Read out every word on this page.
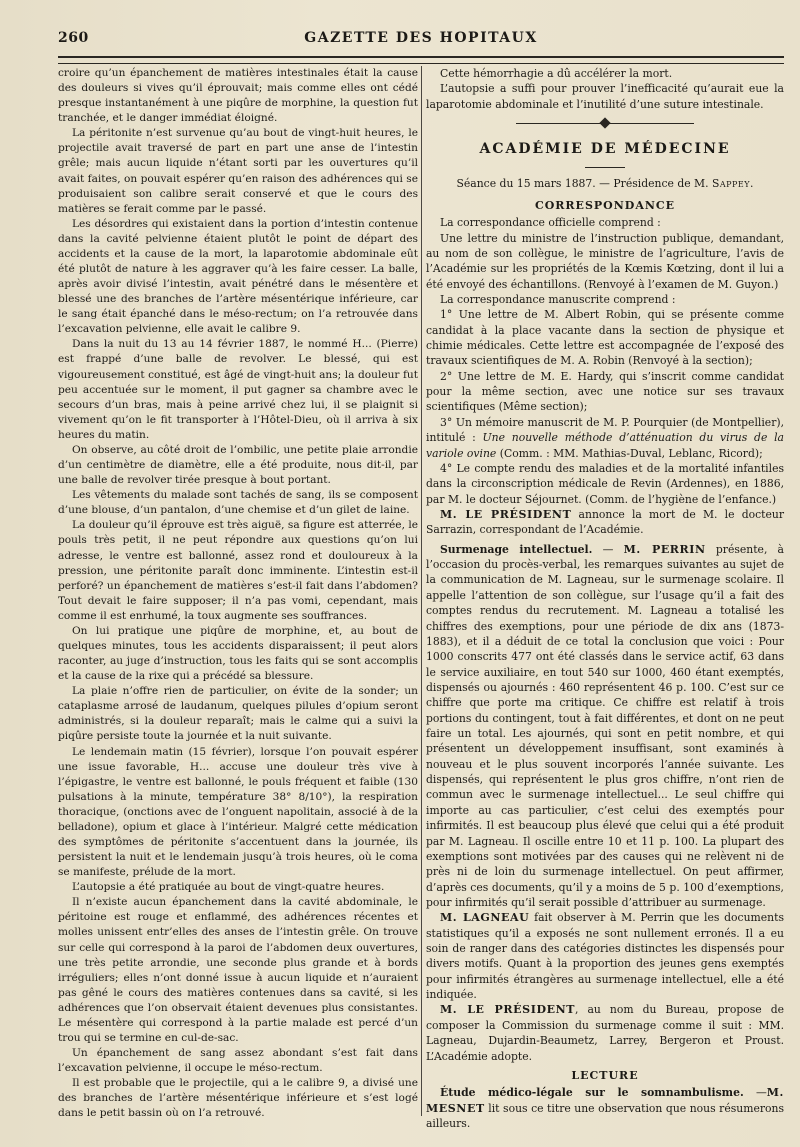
260	GAZETTE DES HOPITAUX

croire qu’un épanchement de matières intestinales était la cause des douleurs si vives qu’il éprouvait; mais comme elles ont cédé presque instantanément à une piqûre de morphine, la question fut tranchée, et le danger immédiat éloigné.

La péritonite n’est survenue qu’au bout de vingt-huit heures, le projectile avait traversé de part en part une anse de l’intestin grêle; mais aucun liquide n’étant sorti par les ouvertures qu’il avait faites, on pouvait espérer qu’en raison des adhérences qui se produisaient son calibre serait conservé et que le cours des matières se ferait comme par le passé.

Les désordres qui existaient dans la portion d’intestin contenue dans la cavité pelvienne étaient plutôt le point de départ des accidents et la cause de la mort, la laparotomie abdominale eût été plutôt de nature à les aggraver qu’à les faire cesser. La balle, après avoir divisé l’intestin, avait pénétré dans le mésentère et blessé une des branches de l’artère mésentérique inférieure, car le sang était épanché dans le méso-rectum; on l’a retrouvée dans l’excavation pelvienne, elle avait le calibre 9.

Dans la nuit du 13 au 14 février 1887, le nommé H... (Pierre) est frappé d’une balle de revolver. Le blessé, qui est vigoureusement constitué, est âgé de vingt-huit ans; la douleur fut peu accentuée sur le moment, il put gagner sa chambre avec le secours d’un bras, mais à peine arrivé chez lui, il se plaignit si vivement qu’on le fit transporter à l’Hôtel-Dieu, où il arriva à six heures du matin.

On observe, au côté droit de l’ombilic, une petite plaie arrondie d’un centimètre de diamètre, elle a été produite, nous dit-il, par une balle de revolver tirée presque à bout portant.

Les vêtements du malade sont tachés de sang, ils se composent d’une blouse, d’un pantalon, d’une chemise et d’un gilet de laine.

La douleur qu’il éprouve est très aiguë, sa figure est atterrée, le pouls très petit, il ne peut répondre aux questions qu’on lui adresse, le ventre est ballonné, assez rond et douloureux à la pression, une péritonite paraît donc imminente. L’intestin est-il perforé? un épanchement de matières s’est-il fait dans l’abdomen? Tout devait le faire supposer; il n’a pas vomi, cependant, mais comme il est enrhumé, la toux augmente ses souffrances.

On lui pratique une piqûre de morphine, et, au bout de quelques minutes, tous les accidents disparaissent; il peut alors raconter, au juge d’instruction, tous les faits qui se sont accomplis et la cause de la rixe qui a précédé sa blessure.

La plaie n’offre rien de particulier, on évite de la sonder; un cataplasme arrosé de laudanum, quelques pilules d’opium seront administrés, si la douleur reparaît; mais le calme qui a suivi la piqûre persiste toute la journée et la nuit suivante.

Le lendemain matin (15 février), lorsque l’on pouvait espérer une issue favorable, H... accuse une douleur très vive à l’épigastre, le ventre est ballonné, le pouls fréquent et faible (130 pulsations à la minute, température 38° 8/10°), la respiration thoracique, (onctions avec de l’onguent napolitain, associé à de la belladone), opium et glace à l’intérieur. Malgré cette médication des symptômes de péritonite s’accentuent dans la journée, ils persistent la nuit et le lendemain jusqu’à trois heures, où le coma se manifeste, prélude de la mort.

L’autopsie a été pratiquée au bout de vingt-quatre heures.

Il n’existe aucun épanchement dans la cavité abdominale, le péritoine est rouge et enflammé, des adhérences récentes et molles unissent entr’elles des anses de l’intestin grêle. On trouve sur celle qui correspond à la paroi de l’abdomen deux ouvertures, une très petite arrondie, une seconde plus grande et à bords irréguliers; elles n’ont donné issue à aucun liquide et n’auraient pas gêné le cours des matières contenues dans sa cavité, si les adhérences que l’on observait étaient devenues plus consistantes. Le mésentère qui correspond à la partie malade est percé d’un trou qui se termine en cul-de-sac.

Un épanchement de sang assez abondant s’est fait dans l’excavation pelvienne, il occupe le méso-rectum.

Il est probable que le projectile, qui a le calibre 9, a divisé une des branches de l’artère mésentérique inférieure et s’est logé dans le petit bassin où on l’a retrouvé.

Cette hémorrhagie a dû accélérer la mort.

L’autopsie a suffi pour prouver l’inefficacité qu’aurait eue la laparotomie abdominale et l’inutilité d’une suture intestinale.

ACADÉMIE DE MÉDECINE

Séance du 15 mars 1887. — Présidence de M. Sappey.

CORRESPONDANCE

La correspondance officielle comprend :

Une lettre du ministre de l’instruction publique, demandant, au nom de son collègue, le ministre de l’agriculture, l’avis de l’Académie sur les propriétés de la Kœmis Kœtzing, dont il lui a été envoyé des échantillons. (Renvoyé à l’examen de M. Guyon.)

La correspondance manuscrite comprend :

1° Une lettre de M. Albert Robin, qui se présente comme candidat à la place vacante dans la section de physique et chimie médicales. Cette lettre est accompagnée de l’exposé des travaux scientifiques de M. A. Robin (Renvoyé à la section);

2° Une lettre de M. E. Hardy, qui s’inscrit comme candidat pour la même section, avec une notice sur ses travaux scientifiques (Même section);

3° Un mémoire manuscrit de M. P. Pourquier (de Montpellier), intitulé : Une nouvelle méthode d’atténuation du virus de la variole ovine (Comm. : MM. Mathias-Duval, Leblanc, Ricord);

4° Le compte rendu des maladies et de la mortalité infantiles dans la circonscription médicale de Revin (Ardennes), en 1886, par M. le docteur Séjournet. (Comm. de l’hygiène de l’enfance.)

M. LE PRÉSIDENT annonce la mort de M. le docteur Sarrazin, correspondant de l’Académie.

Surmenage intellectuel. — M. PERRIN présente, à l’occasion du procès-verbal, les remarques suivantes au sujet de la communication de M. Lagneau, sur le surmenage scolaire. Il appelle l’attention de son collègue, sur l’usage qu’il a fait des comptes rendus du recrutement. M. Lagneau a totalisé les chiffres des exemptions, pour une période de dix ans (1873-1883), et il a déduit de ce total la conclusion que voici : Pour 1000 conscrits 477 ont été classés dans le service actif, 63 dans le service auxiliaire, en tout 540 sur 1000, 460 étant exemptés, dispensés ou ajournés : 460 représentent 46 p. 100. C’est sur ce chiffre que porte ma critique. Ce chiffre est relatif à trois portions du contingent, tout à fait différentes, et dont on ne peut faire un total. Les ajournés, qui sont en petit nombre, et qui présentent un développement insuffisant, sont examinés à nouveau et le plus souvent incorporés l’année suivante. Les dispensés, qui représentent le plus gros chiffre, n’ont rien de commun avec le surmenage intellectuel... Le seul chiffre qui importe au cas particulier, c’est celui des exemptés pour infirmités. Il est beaucoup plus élevé que celui qui a été produit par M. Lagneau. Il oscille entre 10 et 11 p. 100. La plupart des exemptions sont motivées par des causes qui ne relèvent ni de près ni de loin du surmenage intellectuel. On peut affirmer, d’après ces documents, qu’il y a moins de 5 p. 100 d’exemptions, pour infirmités qu’il serait possible d’attribuer au surmenage.

M. LAGNEAU fait observer à M. Perrin que les documents statistiques qu’il a exposés ne sont nullement erronés. Il a eu soin de ranger dans des catégories distinctes les dispensés pour divers motifs. Quant à la proportion des jeunes gens exemptés pour infirmités étrangères au surmenage intellectuel, elle a été indiquée.

M. LE PRÉSIDENT, au nom du Bureau, propose de composer la Commission du surmenage comme il suit : MM. Lagneau, Dujardin-Beaumetz, Larrey, Bergeron et Proust. L’Académie adopte.

LECTURE

Étude médico-légale sur le somnambulisme. —M. MESNET lit sous ce titre une observation que nous résumerons ailleurs.
